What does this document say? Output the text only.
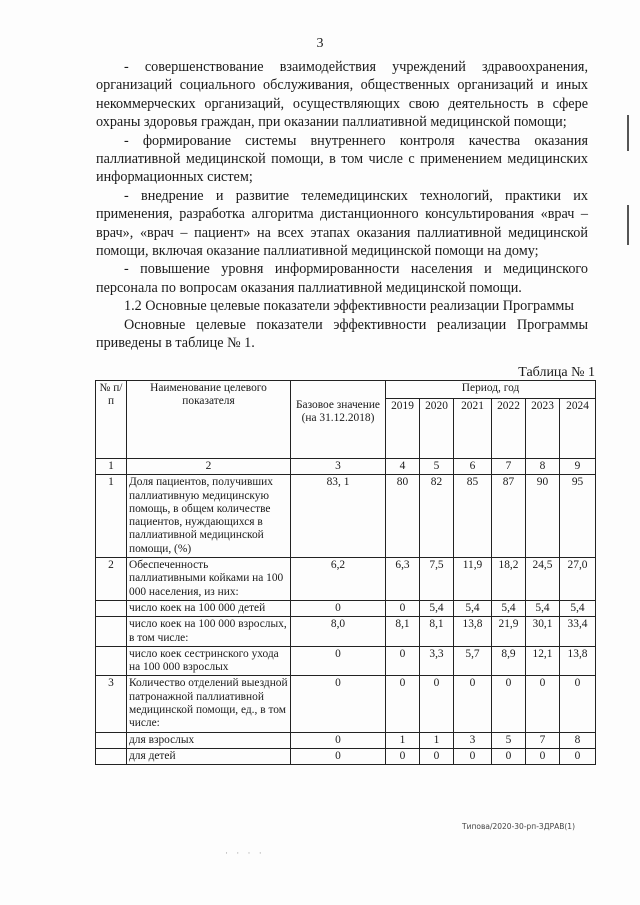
3

- совершенствование взаимодействия учреждений здравоохранения, организаций социального обслуживания, общественных организаций и иных некоммерческих организаций, осуществляющих свою деятельность в сфере охраны здоровья граждан, при оказании паллиативной медицинской помощи;

- формирование системы внутреннего контроля качества оказания паллиативной медицинской помощи, в том числе с применением медицинских информационных систем;

- внедрение и развитие телемедицинских технологий, практики их применения, разработка алгоритма дистанционного консультирования «врач – врач», «врач – пациент» на всех этапах оказания паллиативной медицинской помощи, включая оказание паллиативной медицинской помощи на дому;

- повышение уровня информированности населения и медицинского персонала по вопросам оказания паллиативной медицинской помощи.

1.2 Основные целевые показатели эффективности реализации Программы

Основные целевые показатели эффективности реализации Программы приведены в таблице № 1.

Таблица № 1
№ п/п	Наименование целевого показателя	Базовое значение (на 31.12.2018)	Период, год					
			2019	2020	2021	2022	2023	2024
1	2	3	4	5	6	7	8	9
1	Доля пациентов, получивших паллиативную медицинскую помощь, в общем количестве пациентов, нуждающихся в паллиативной медицинской помощи, (%)	83, 1	80	82	85	87	90	95
2	Обеспеченность паллиативными койками на 100 000 населения, из них:	6,2	6,3	7,5	11,9	18,2	24,5	27,0
	число коек на 100 000 детей	0	0	5,4	5,4	5,4	5,4	5,4
	число коек на 100 000 взрослых, в том числе:	8,0	8,1	8,1	13,8	21,9	30,1	33,4
	число коек сестринского ухода на 100 000 взрослых	0	0	3,3	5,7	8,9	12,1	13,8
3	Количество отделений выездной патронажной паллиативной медицинской помощи, ед., в том числе:	0	0	0	0	0	0	0
	для взрослых	0	1	1	3	5	7	8
	для детей	0	0	0	0	0	0	0
Типова/2020-30-рп-ЗДРАВ(1)
· · · ·
